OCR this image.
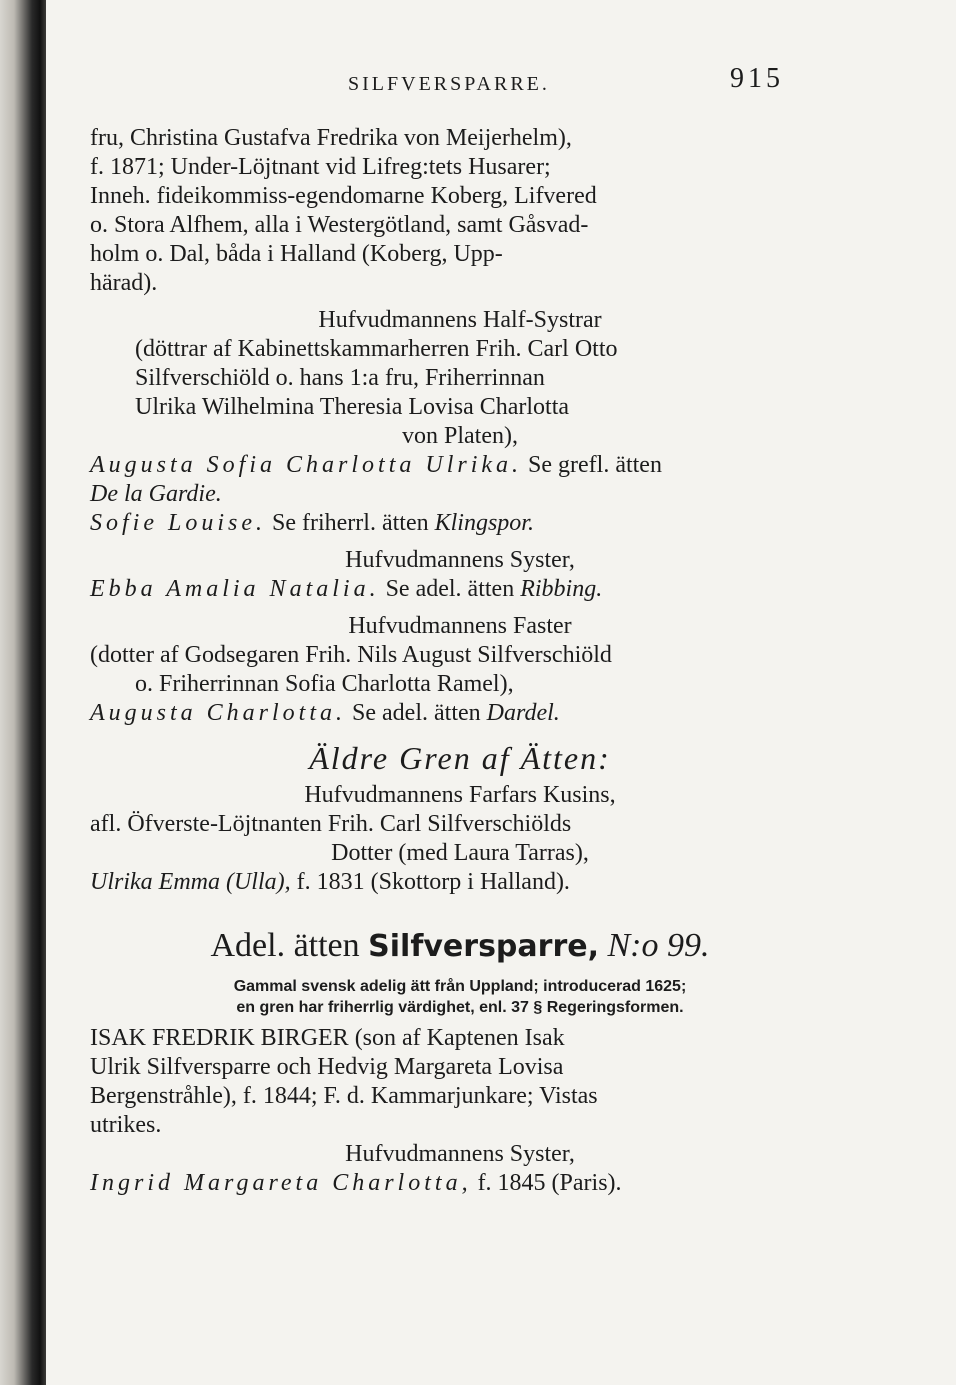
SILFVERSPARRE.	915
fru, Christina Gustafva Fredrika von Meijerhelm),
f. 1871; Under-Löjtnant vid Lifreg:tets Husarer;
Inneh. fideikommiss-egendomarne Koberg, Lifvered
o. Stora Alfhem, alla i Westergötland, samt Gåsvad-
holm o. Dal, båda i Halland (Koberg, Upp-
härad).
Hufvudmannens Half-Systrar
(döttrar af Kabinettskammarherren Frih. Carl Otto
Silfverschiöld o. hans 1:a fru, Friherrinnan
Ulrika Wilhelmina Theresia Lovisa Charlotta
von Platen),
Augusta Sofia Charlotta Ulrika. Se grefl. ätten
De la Gardie.
Sofie Louise. Se friherrl. ätten Klingspor.
Hufvudmannens Syster,
Ebba Amalia Natalia. Se adel. ätten Ribbing.
Hufvudmannens Faster
(dotter af Godsegaren Frih. Nils August Silfverschiöld
o. Friherrinnan Sofia Charlotta Ramel),
Augusta Charlotta. Se adel. ätten Dardel.
Äldre Gren af Ätten:
Hufvudmannens Farfars Kusins,
afl. Öfverste-Löjtnanten Frih. Carl Silfverschiölds
Dotter (med Laura Tarras),
Ulrika Emma (Ulla), f. 1831 (Skottorp i Halland).
Adel. ätten Silfversparre, N:o 99.
Gammal svensk adelig ätt från Uppland; introducerad 1625;
en gren har friherrlig värdighet, enl. 37 § Regeringsformen.
ISAK FREDRIK BIRGER (son af Kaptenen Isak
Ulrik Silfversparre och Hedvig Margareta Lovisa
Bergenstråhle), f. 1844; F. d. Kammarjunkare; Vistas
utrikes.
Hufvudmannens Syster,
Ingrid Margareta Charlotta, f. 1845 (Paris).
